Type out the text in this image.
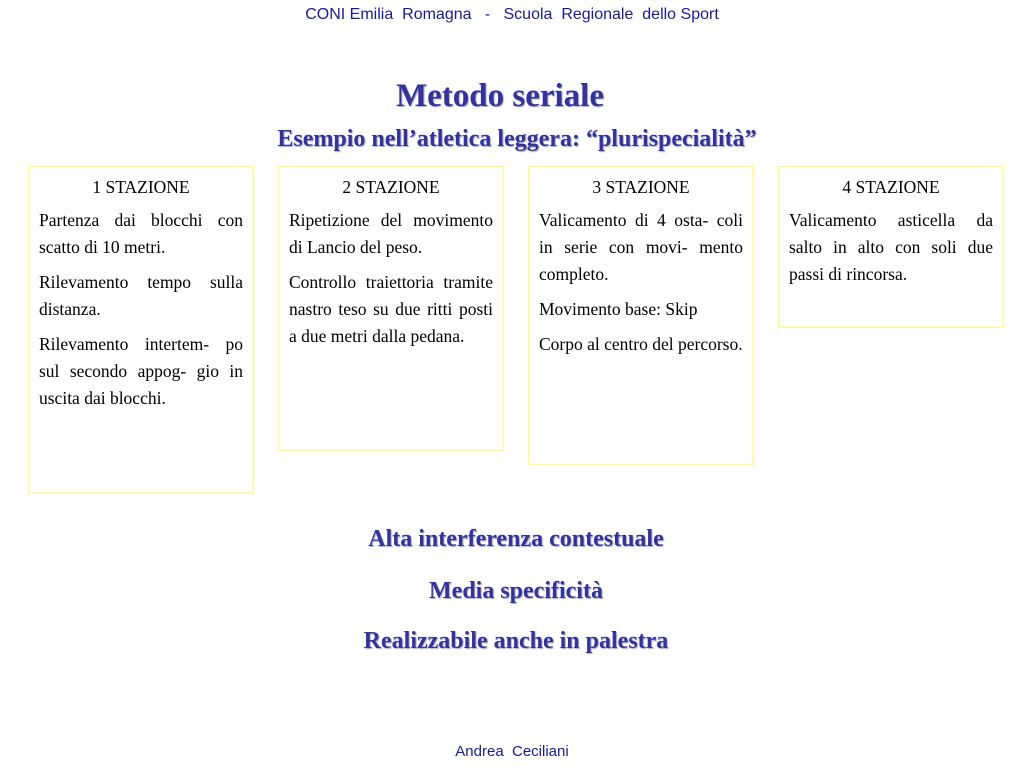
CONI Emilia  Romagna   -   Scuola  Regionale  dello Sport
Metodo seriale
Esempio nell’atletica leggera: “plurispecialità”
1 STAZIONE

Partenza dai blocchi con scatto di 10 metri.

Rilevamento tempo sulla distanza.

Rilevamento intertem- po sul secondo appog- gio in uscita dai blocchi.

2 STAZIONE

Ripetizione del movimento di Lancio del peso.

Controllo traiettoria tramite nastro teso su due ritti posti a due metri dalla pedana.

3 STAZIONE

Valicamento di 4 osta- coli in serie con movi- mento completo.

Movimento base: Skip

Corpo al centro del percorso.

4 STAZIONE

Valicamento asticella da salto in alto con soli due passi di rincorsa.

Alta interferenza contestuale
Media specificità
Realizzabile anche in palestra
Andrea  Ceciliani
